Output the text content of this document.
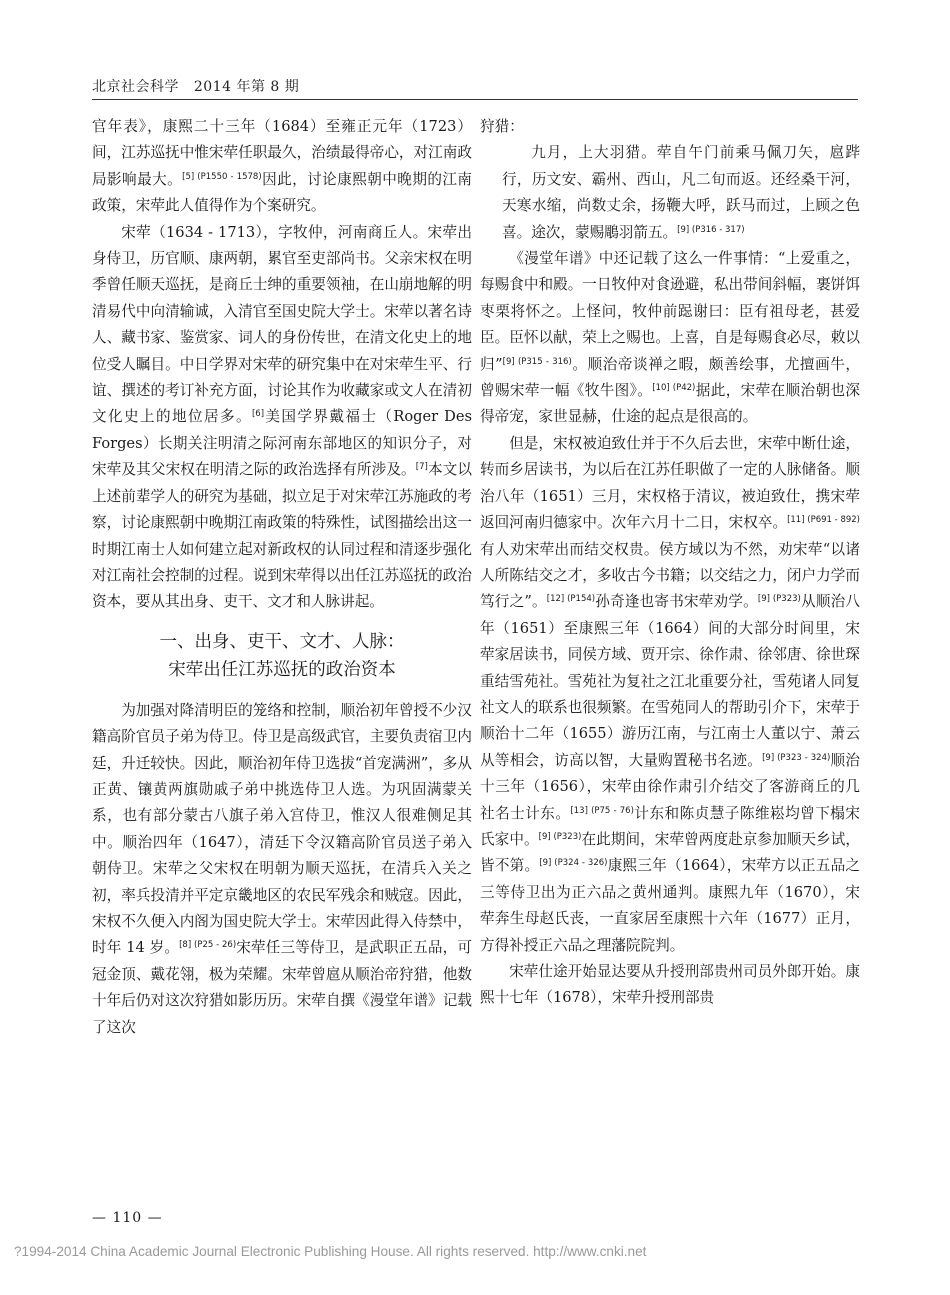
北京社会科学 2014 年第 8 期

官年表》，康熙二十三年（1684）至雍正元年（1723）间，江苏巡抚中惟宋荦任职最久，治绩最得帝心，对江南政局影响最大。$^{[5] (P1550 - 1578)}$因此，讨论康熙朝中晚期的江南政策，宋荦此人值得作为个案研究。

宋荦（1634 - 1713），字牧仲，河南商丘人。宋荦出身侍卫，历官顺、康两朝，累官至吏部尚书。父亲宋权在明季曾任顺天巡抚，是商丘士绅的重要领袖，在山崩地解的明清易代中向清输诚，入清官至国史院大学士。宋荦以著名诗人、藏书家、鉴赏家、词人的身份传世，在清文化史上的地位受人瞩目。中日学界对宋荦的研究集中在对宋荦生平、行谊、撰述的考订补充方面，讨论其作为收藏家或文人在清初文化史上的地位居多。[6]美国学界戴福士（Roger Des Forges）长期关注明清之际河南东部地区的知识分子，对宋荦及其父宋权在明清之际的政治选择有所涉及。[7]本文以上述前辈学人的研究为基础，拟立足于对宋荦江苏施政的考察，讨论康熙朝中晚期江南政策的特殊性，试图描绘出这一时期江南士人如何建立起对新政权的认同过程和清逐步强化对江南社会控制的过程。说到宋荦得以出任江苏巡抚的政治资本，要从其出身、吏干、文才和人脉讲起。

一、出身、吏干、文才、人脉：
宋荦出任江苏巡抚的政治资本

为加强对降清明臣的笼络和控制，顺治初年曾授不少汉籍高阶官员子弟为侍卫。侍卫是高级武官，主要负责宿卫内廷，升迁较快。因此，顺治初年侍卫选拔“首宠满洲”，多从正黄、镶黄两旗勋戚子弟中挑选侍卫人选。为巩固满蒙关系，也有部分蒙古八旗子弟入宫侍卫，惟汉人很难侧足其中。顺治四年（1647），清廷下令汉籍高阶官员送子弟入朝侍卫。宋荦之父宋权在明朝为顺天巡抚，在清兵入关之初，率兵投清并平定京畿地区的农民军残余和贼寇。因此，宋权不久便入内阁为国史院大学士。宋荦因此得入侍禁中，时年 14 岁。$^{[8] (P25 - 26)}$宋荦任三等侍卫，是武职正五品，可冠金顶、戴花翎，极为荣耀。宋荦曾扈从顺治帝狩猎，他数十年后仍对这次狩猎如影历历。宋荦自撰《漫堂年谱》记载了这次

狩猎：

九月，上大羽猎。荦自午门前乘马佩刀矢，扈跸行，历文安、霸州、西山，凡二旬而返。还经桑干河，天寒水缩，尚数丈余，扬鞭大呼，跃马而过，上顾之色喜。途次，蒙赐鵰羽箭五。$^{[9] (P316 - 317)}$

《漫堂年谱》中还记载了这么一件事情：“上爱重之，每赐食中和殿。一日牧仲对食逊避，私出带间斜幅，裹饼饵枣栗将怀之。上怪问，牧仲前跽谢曰：臣有祖母老，甚爱臣。臣怀以献，荣上之赐也。上喜，自是每赐食必尽，敕以归”$^{[9] (P315 - 316)}$。顺治帝谈禅之暇，颇善绘事，尤擅画牛，曾赐宋荦一幅《牧牛图》。$^{[10] (P42)}$据此，宋荦在顺治朝也深得帝宠，家世显赫，仕途的起点是很高的。

但是，宋权被迫致仕并于不久后去世，宋荦中断仕途，转而乡居读书，为以后在江苏任职做了一定的人脉储备。顺治八年（1651）三月，宋权格于清议，被迫致仕，携宋荦返回河南归德家中。次年六月十二日，宋权卒。$^{[11] (P691 - 892)}$有人劝宋荦出而结交权贵。侯方域以为不然，劝宋荦“以诸人所陈结交之才，多收古今书籍；以交结之力，闭户力学而笃行之”。$^{[12] (P154)}$孙奇逢也寄书宋荦劝学。$^{[9] (P323)}$从顺治八年（1651）至康熙三年（1664）间的大部分时间里，宋荦家居读书，同侯方域、贾开宗、徐作肃、徐邻唐、徐世琛重结雪苑社。雪苑社为复社之江北重要分社，雪苑诸人同复社文人的联系也很频繁。在雪苑同人的帮助引介下，宋荦于顺治十二年（1655）游历江南，与江南士人董以宁、萧云从等相会，访高以智，大量购置秘书名迹。$^{[9] (P323 - 324)}$顺治十三年（1656），宋荦由徐作肃引介结交了客游商丘的几社名士计东。$^{[13] (P75 - 76)}$计东和陈贞慧子陈维崧均曾下榻宋氏家中。$^{[9] (P323)}$在此期间，宋荦曾两度赴京参加顺天乡试，皆不第。$^{[9] (P324 - 326)}$康熙三年（1664），宋荦方以正五品之三等侍卫出为正六品之黄州通判。康熙九年（1670），宋荦奔生母赵氏丧，一直家居至康熙十六年（1677）正月，方得补授正六品之理藩院院判。

宋荦仕途开始显达要从升授刑部贵州司员外郎开始。康熙十七年（1678），宋荦升授刑部贵

— 110 —
?1994-2014 China Academic Journal Electronic Publishing House. All rights reserved. http://www.cnki.net
